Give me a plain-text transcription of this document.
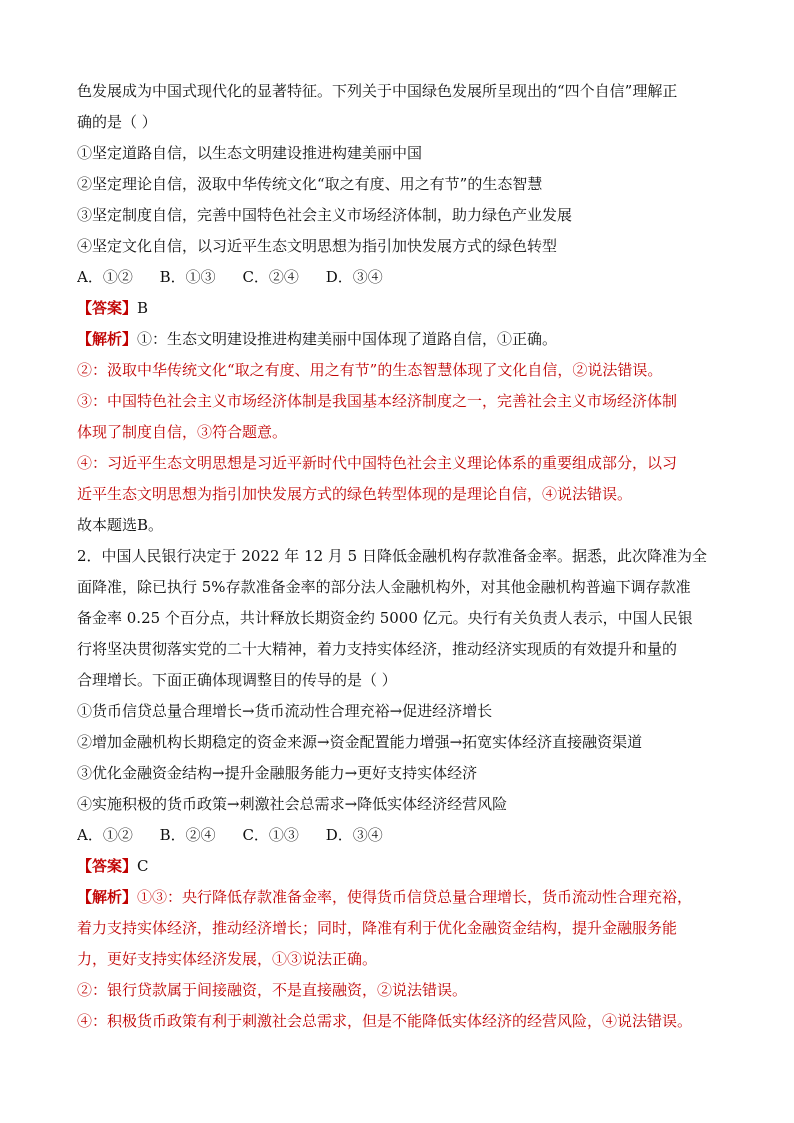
色发展成为中国式现代化的显著特征。下列关于中国绿色发展所呈现出的“四个自信”理解正
确的是（ ）
①坚定道路自信，以生态文明建设推进构建美丽中国
②坚定理论自信，汲取中华传统文化“取之有度、用之有节”的生态智慧
③坚定制度自信，完善中国特色社会主义市场经济体制，助力绿色产业发展
④坚定文化自信，以习近平生态文明思想为指引加快发展方式的绿色转型
A．①② B．①③ C．②④ D．③④
【答案】B
【解析】①：生态文明建设推进构建美丽中国体现了道路自信，①正确。
②：汲取中华传统文化“取之有度、用之有节”的生态智慧体现了文化自信，②说法错误。
③：中国特色社会主义市场经济体制是我国基本经济制度之一，完善社会主义市场经济体制
体现了制度自信，③符合题意。
④：习近平生态文明思想是习近平新时代中国特色社会主义理论体系的重要组成部分，以习
近平生态文明思想为指引加快发展方式的绿色转型体现的是理论自信，④说法错误。
故本题选B。
2．中国人民银行决定于 2022 年 12 月 5 日降低金融机构存款准备金率。据悉，此次降准为全
面降准，除已执行 5%存款准备金率的部分法人金融机构外，对其他金融机构普遍下调存款准
备金率 0.25 个百分点，共计释放长期资金约 5000 亿元。央行有关负责人表示，中国人民银
行将坚决贯彻落实党的二十大精神，着力支持实体经济，推动经济实现质的有效提升和量的
合理增长。下面正确体现调整目的传导的是（ ）
①货币信贷总量合理增长→货币流动性合理充裕→促进经济增长
②增加金融机构长期稳定的资金来源→资金配置能力增强→拓宽实体经济直接融资渠道
③优化金融资金结构→提升金融服务能力→更好支持实体经济
④实施积极的货币政策→刺激社会总需求→降低实体经济经营风险
A．①② B．②④ C．①③ D．③④
【答案】C
【解析】①③：央行降低存款准备金率，使得货币信贷总量合理增长，货币流动性合理充裕，
着力支持实体经济，推动经济增长；同时，降准有利于优化金融资金结构，提升金融服务能
力，更好支持实体经济发展，①③说法正确。
②：银行贷款属于间接融资，不是直接融资，②说法错误。
④：积极货币政策有利于刺激社会总需求，但是不能降低实体经济的经营风险，④说法错误。
